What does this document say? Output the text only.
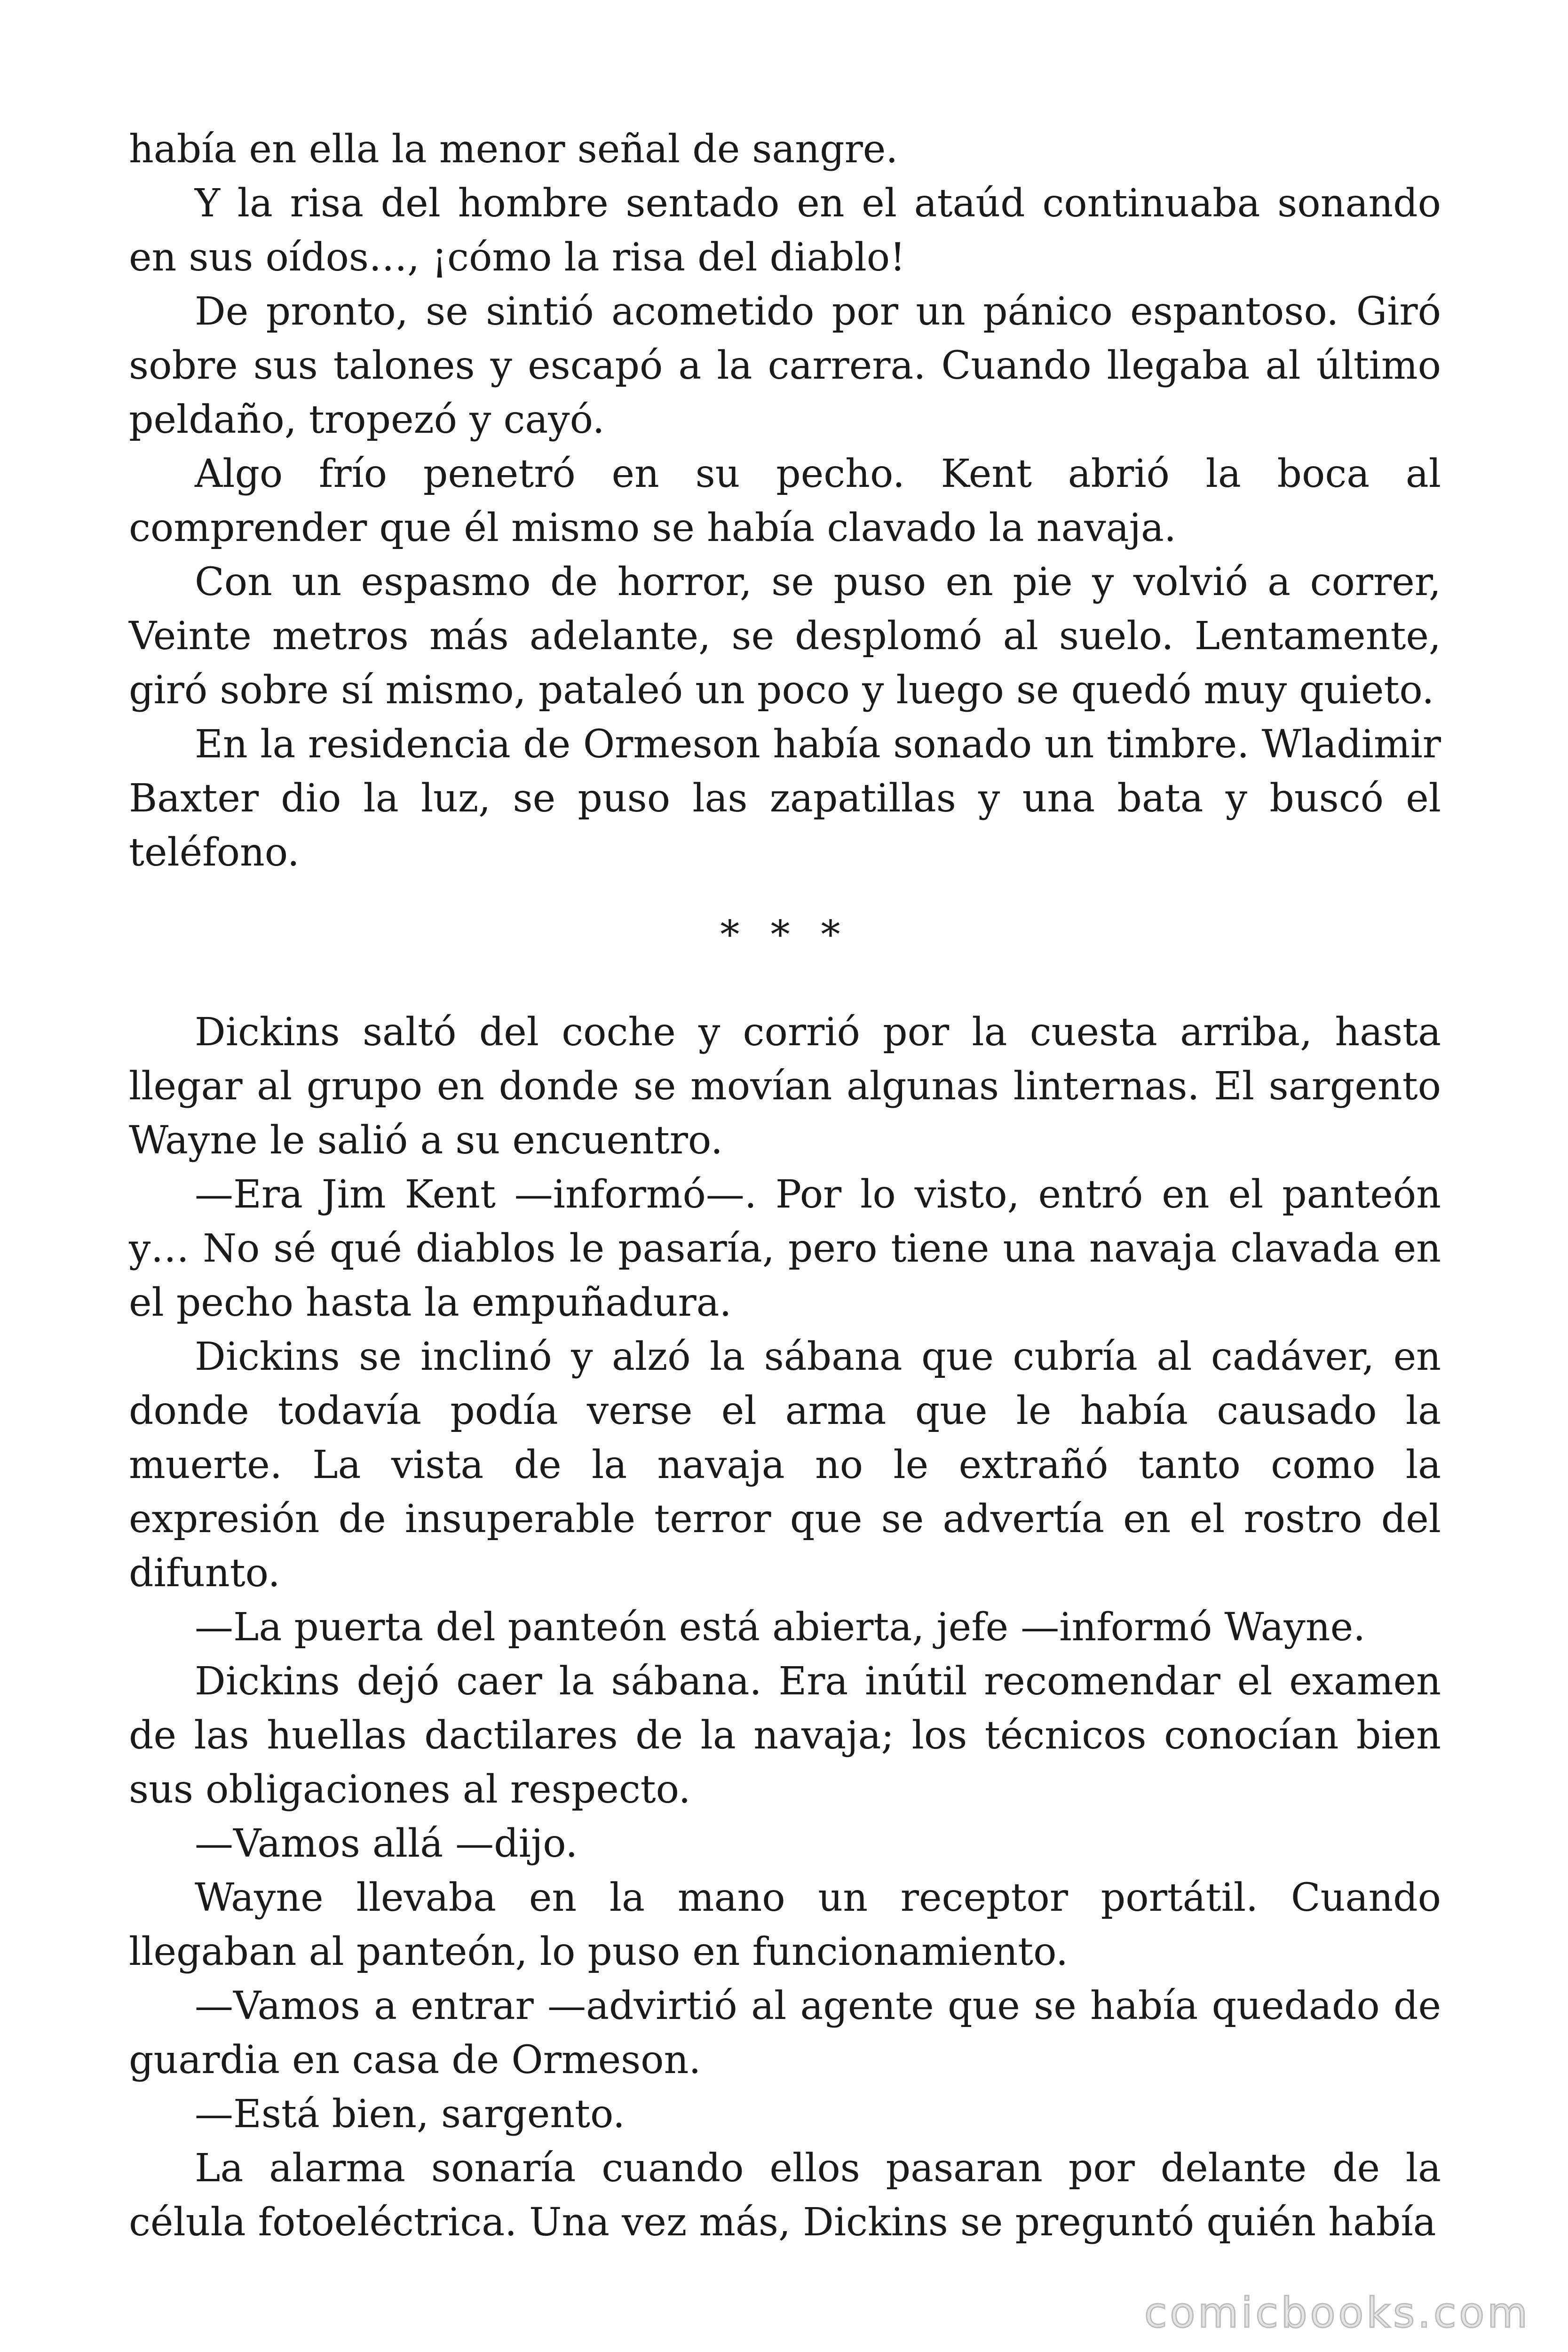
había en ella la menor señal de sangre.

Y la risa del hombre sentado en el ataúd continuaba sonando en sus oídos…, ¡cómo la risa del diablo!

De pronto, se sintió acometido por un pánico espantoso. Giró sobre sus talones y escapó a la carrera. Cuando llegaba al último peldaño, tropezó y cayó.

Algo frío penetró en su pecho. Kent abrió la boca al comprender que él mismo se había clavado la navaja.

Con un espasmo de horror, se puso en pie y volvió a correr, Veinte metros más adelante, se desplomó al suelo. Lentamente, giró sobre sí mismo, pataleó un poco y luego se quedó muy quieto.

En la residencia de Ormeson había sonado un timbre. Wladimir Baxter dio la luz, se puso las zapatillas y una bata y buscó el teléfono.

* * *

Dickins saltó del coche y corrió por la cuesta arriba, hasta llegar al grupo en donde se movían algunas linternas. El sargento Wayne le salió a su encuentro.

—Era Jim Kent —informó—. Por lo visto, entró en el panteón y… No sé qué diablos le pasaría, pero tiene una navaja clavada en el pecho hasta la empuñadura.

Dickins se inclinó y alzó la sábana que cubría al cadáver, en donde todavía podía verse el arma que le había causado la muerte. La vista de la navaja no le extrañó tanto como la expresión de insuperable terror que se advertía en el rostro del difunto.

—La puerta del panteón está abierta, jefe —informó Wayne.

Dickins dejó caer la sábana. Era inútil recomendar el examen de las huellas dactilares de la navaja; los técnicos conocían bien sus obligaciones al respecto.

—Vamos allá —dijo.

Wayne llevaba en la mano un receptor portátil. Cuando llegaban al panteón, lo puso en funcionamiento.

—Vamos a entrar —advirtió al agente que se había quedado de guardia en casa de Ormeson.

—Está bien, sargento.

La alarma sonaría cuando ellos pasaran por delante de la célula fotoeléctrica. Una vez más, Dickins se preguntó quién había

comicbooks.com
